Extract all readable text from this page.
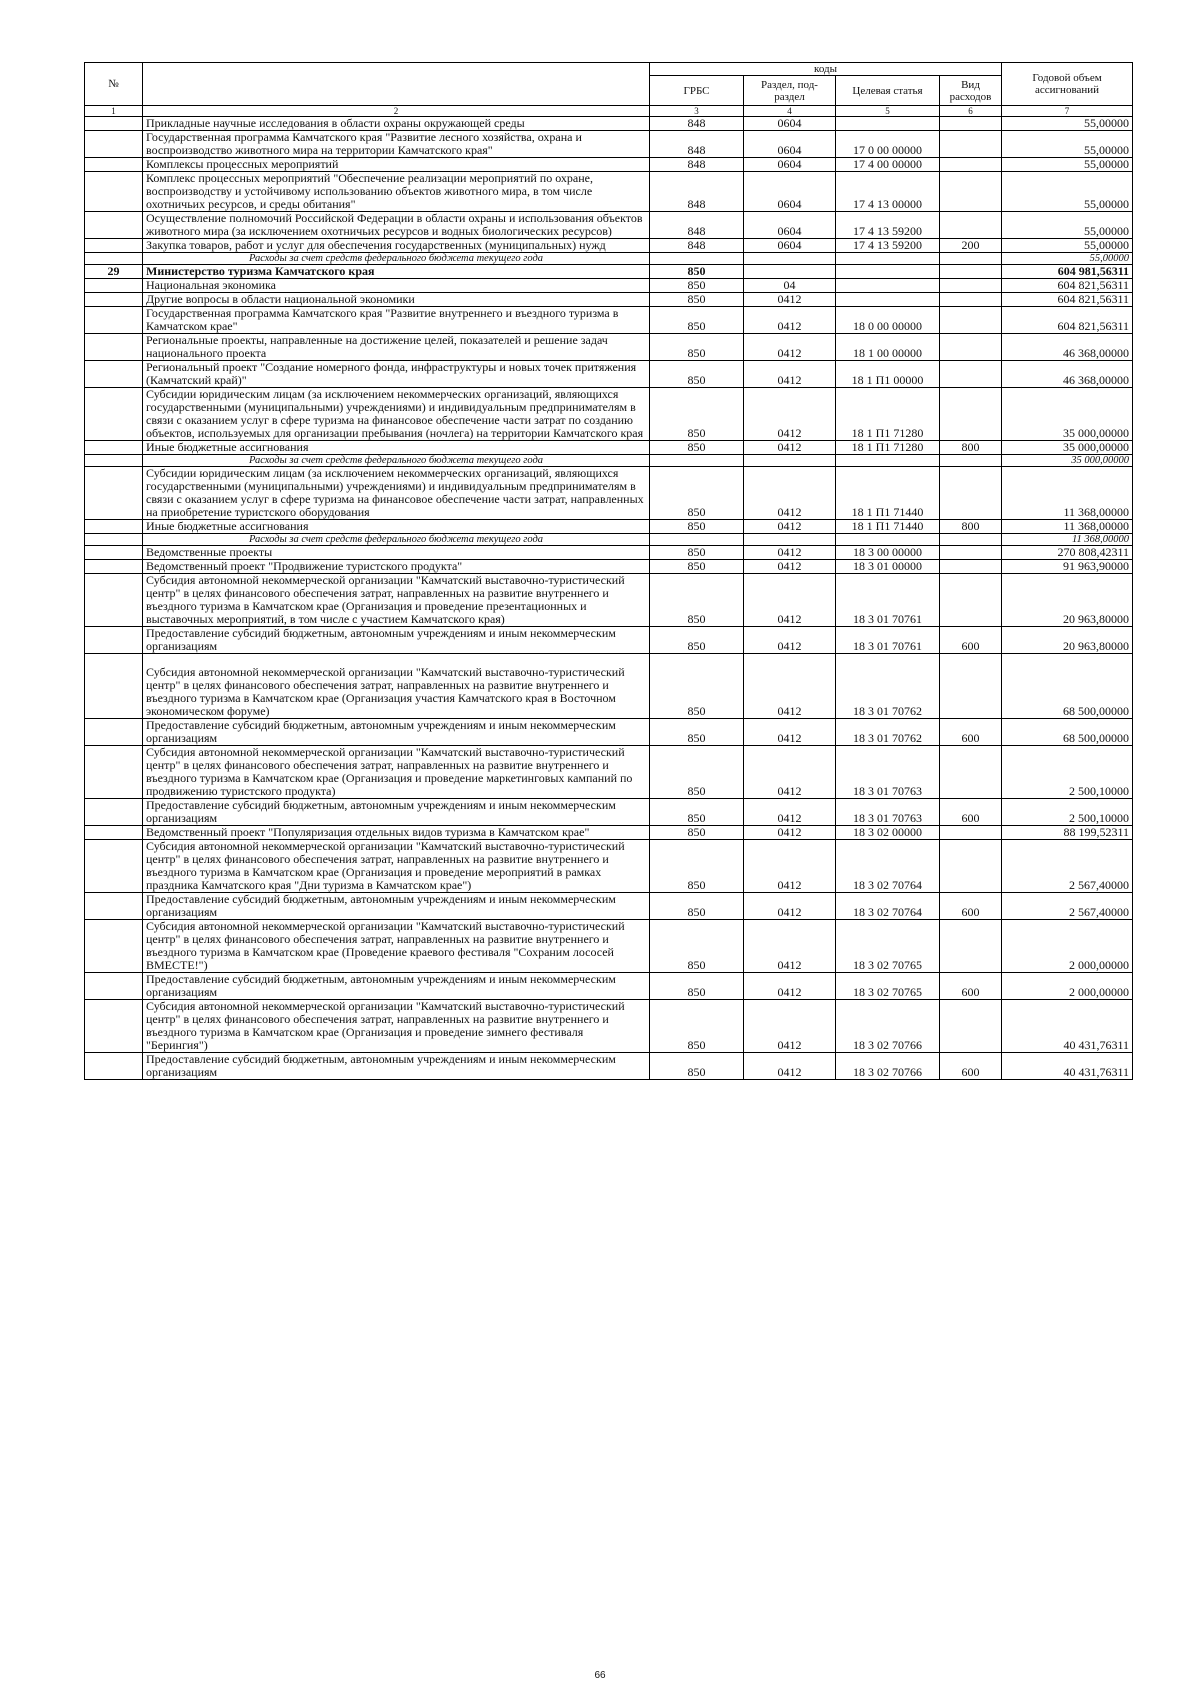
№		коды				Годовой объем ассигнований
		ГРБС	Раздел, под-раздел	Целевая статья	Вид расходов	
1	2	3	4	5	6	7
	Прикладные научные исследования в области охраны окружающей среды	848	0604			55,00000
	Государственная программа Камчатского края "Развитие лесного хозяйства, охрана и воспроизводство животного мира на территории Камчатского края"	848	0604	17 0 00 00000		55,00000
	Комплексы процессных мероприятий	848	0604	17 4 00 00000		55,00000
	Комплекс процессных мероприятий "Обеспечение реализации мероприятий по охране, воспроизводству и устойчивому использованию объектов животного мира, в том числе охотничьих ресурсов, и среды обитания"	848	0604	17 4 13 00000		55,00000
	Осуществление полномочий Российской Федерации в области охраны и использования объектов животного мира (за исключением охотничьих ресурсов и водных биологических ресурсов)	848	0604	17 4 13 59200		55,00000
	Закупка товаров, работ и услуг для обеспечения государственных (муниципальных) нужд	848	0604	17 4 13 59200	200	55,00000
	Расходы за счет средств федерального бюджета текущего года					55,00000
29	Министерство туризма Камчатского края	850				604 981,56311
	Национальная экономика	850	04			604 821,56311
	Другие вопросы в области национальной экономики	850	0412			604 821,56311
	Государственная программа Камчатского края "Развитие внутреннего и въездного туризма в Камчатском крае"	850	0412	18 0 00 00000		604 821,56311
	Региональные проекты, направленные на достижение целей, показателей и решение задач национального проекта	850	0412	18 1 00 00000		46 368,00000
	Региональный проект "Создание номерного фонда, инфраструктуры и новых точек притяжения (Камчатский край)"	850	0412	18 1 П1 00000		46 368,00000
	Субсидии юридическим лицам (за исключением некоммерческих организаций, являющихся государственными (муниципальными) учреждениями) и индивидуальным предпринимателям в связи с оказанием услуг в сфере туризма на финансовое обеспечение части затрат по созданию объектов, используемых для организации пребывания (ночлега) на территории Камчатского края	850	0412	18 1 П1 71280		35 000,00000
	Иные бюджетные ассигнования	850	0412	18 1 П1 71280	800	35 000,00000
	Расходы за счет средств федерального бюджета текущего года					35 000,00000
	Субсидии юридическим лицам (за исключением некоммерческих организаций, являющихся государственными (муниципальными) учреждениями) и индивидуальным предпринимателям в связи с оказанием услуг в сфере туризма на финансовое обеспечение части затрат, направленных на приобретение туристского оборудования	850	0412	18 1 П1 71440		11 368,00000
	Иные бюджетные ассигнования	850	0412	18 1 П1 71440	800	11 368,00000
	Расходы за счет средств федерального бюджета текущего года					11 368,00000
	Ведомственные проекты	850	0412	18 3 00 00000		270 808,42311
	Ведомственный проект "Продвижение туристского продукта"	850	0412	18 3 01 00000		91 963,90000
	Субсидия автономной некоммерческой организации "Камчатский выставочно-туристический центр" в целях финансового обеспечения затрат, направленных на развитие внутреннего и въездного туризма в Камчатском крае (Организация и проведение презентационных и выставочных мероприятий, в том числе с участием Камчатского края)	850	0412	18 3 01 70761		20 963,80000
	Предоставление субсидий бюджетным, автономным учреждениям и иным некоммерческим организациям	850	0412	18 3 01 70761	600	20 963,80000
	Субсидия автономной некоммерческой организации "Камчатский выставочно-туристический центр" в целях финансового обеспечения затрат, направленных на развитие внутреннего и въездного туризма в Камчатском крае (Организация участия Камчатского края в Восточном экономическом форуме)	850	0412	18 3 01 70762		68 500,00000
	Предоставление субсидий бюджетным, автономным учреждениям и иным некоммерческим организациям	850	0412	18 3 01 70762	600	68 500,00000
	Субсидия автономной некоммерческой организации "Камчатский выставочно-туристический центр" в целях финансового обеспечения затрат, направленных на развитие внутреннего и въездного туризма в Камчатском крае (Организация и проведение маркетинговых кампаний по продвижению туристского продукта)	850	0412	18 3 01 70763		2 500,10000
	Предоставление субсидий бюджетным, автономным учреждениям и иным некоммерческим организациям	850	0412	18 3 01 70763	600	2 500,10000
	Ведомственный проект "Популяризация отдельных видов туризма в Камчатском крае"	850	0412	18 3 02 00000		88 199,52311
	Субсидия автономной некоммерческой организации "Камчатский выставочно-туристический центр" в целях финансового обеспечения затрат, направленных на развитие внутреннего и въездного туризма в Камчатском крае (Организация и проведение мероприятий в рамках праздника Камчатского края "Дни туризма в Камчатском крае")	850	0412	18 3 02 70764		2 567,40000
	Предоставление субсидий бюджетным, автономным учреждениям и иным некоммерческим организациям	850	0412	18 3 02 70764	600	2 567,40000
	Субсидия автономной некоммерческой организации "Камчатский выставочно-туристический центр" в целях финансового обеспечения затрат, направленных на развитие внутреннего и въездного туризма в Камчатском крае (Проведение краевого фестиваля "Сохраним лососей ВМЕСТЕ!")	850	0412	18 3 02 70765		2 000,00000
	Предоставление субсидий бюджетным, автономным учреждениям и иным некоммерческим организациям	850	0412	18 3 02 70765	600	2 000,00000
	Субсидия автономной некоммерческой организации "Камчатский выставочно-туристический центр" в целях финансового обеспечения затрат, направленных на развитие внутреннего и въездного туризма в Камчатском крае (Организация и проведение зимнего фестиваля "Берингия")	850	0412	18 3 02 70766		40 431,76311
	Предоставление субсидий бюджетным, автономным учреждениям и иным некоммерческим организациям	850	0412	18 3 02 70766	600	40 431,76311
66
